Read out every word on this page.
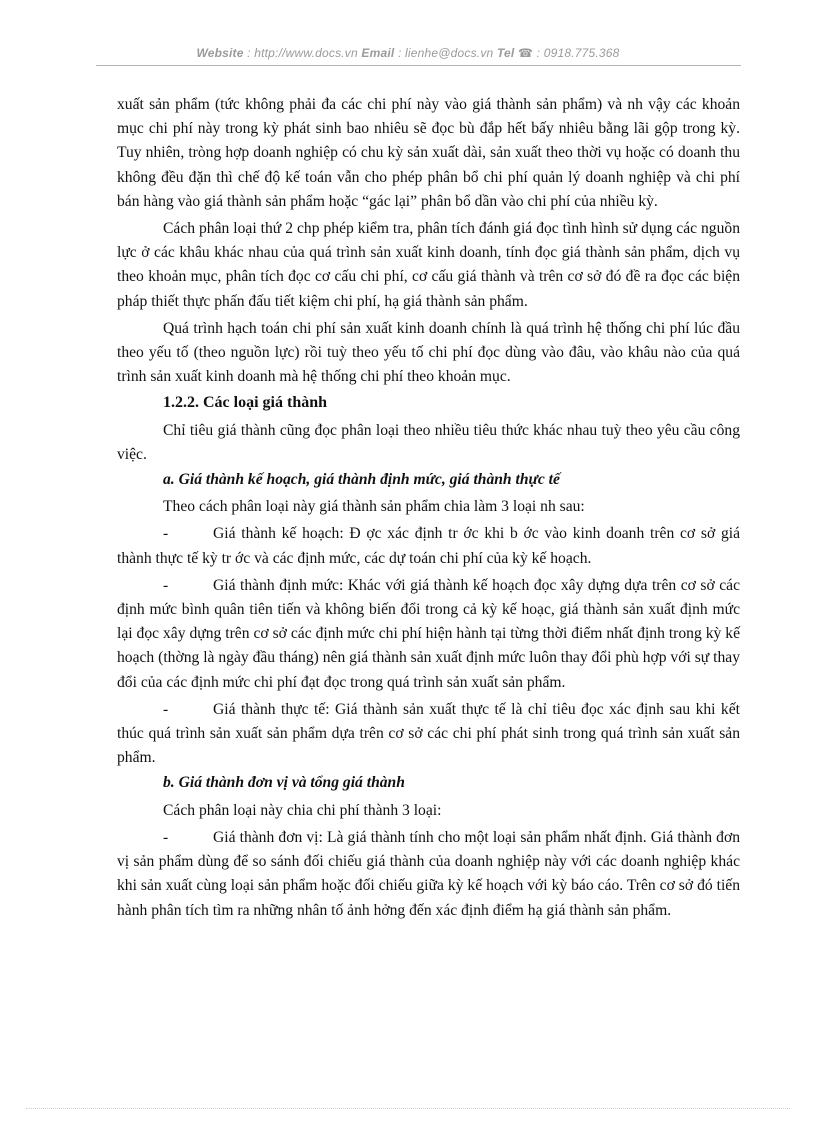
Website : http://www.docs.vn Email : lienhe@docs.vn Tel ☎ : 0918.775.368

xuất sản phẩm (tức không phải đa các chi phí này vào giá thành sản phẩm) và nh vậy các khoản mục chi phí này trong kỳ phát sinh bao nhiêu sẽ đọc bù đắp hết bấy nhiêu bằng lãi gộp trong kỳ. Tuy nhiên, tròng hợp doanh nghiệp có chu kỳ sản xuất dài, sản xuất theo thời vụ hoặc có doanh thu không đều đặn thì chế độ kế toán vẫn cho phép phân bổ chi phí quản lý doanh nghiệp và chi phí bán hàng vào giá thành sản phẩm hoặc “gác lại” phân bổ dần vào chi phí của nhiều kỳ.

Cách phân loại thứ 2 chp phép kiểm tra, phân tích đánh giá đọc tình hình sử dụng các nguồn lực ở các khâu khác nhau của quá trình sản xuất kinh doanh, tính đọc giá thành sản phẩm, dịch vụ theo khoản mục, phân tích đọc cơ cấu chi phí, cơ cấu giá thành và trên cơ sở đó đề ra đọc các biện pháp thiết thực phấn đấu tiết kiệm chi phí, hạ giá thành sản phẩm.

Quá trình hạch toán chi phí sản xuất kinh doanh chính là quá trình hệ thống chi phí lúc đầu theo yếu tố (theo nguồn lực) rồi tuỳ theo yếu tố chi phí đọc dùng vào đâu, vào khâu nào của quá trình sản xuất kinh doanh mà hệ thống chi phí theo khoản mục.

1.2.2. Các loại giá thành

Chỉ tiêu giá thành cũng đọc phân loại theo nhiều tiêu thức khác nhau tuỳ theo yêu cầu công việc.

a. Giá thành kế hoạch, giá thành định mức, giá thành thực tế

Theo cách phân loại này giá thành sản phẩm chia làm 3 loại nh sau:

-	Giá thành kế hoạch: Đ ợc xác định tr ớc khi b ớc vào kinh doanh trên cơ sở giá thành thực tế kỳ tr ớc và các định mức, các dự toán chi phí của kỳ kế hoạch.

-	Giá thành định mức: Khác với giá thành kế hoạch đọc xây dựng dựa trên cơ sở các định mức bình quân tiên tiến và không biến đổi trong cả kỳ kế hoạc, giá thành sản xuất định mức lại đọc xây dựng trên cơ sở các định mức chi phí hiện hành tại từng thời điểm nhất định trong kỳ kế hoạch (thờng là ngày đầu tháng) nên giá thành sản xuất định mức luôn thay đổi phù hợp với sự thay đổi của các định mức chi phí đạt đọc trong quá trình sản xuất sản phẩm.

-	Giá thành thực tế: Giá thành sản xuất thực tế là chỉ tiêu đọc xác định sau khi kết thúc quá trình sản xuất sản phẩm dựa trên cơ sở các chi phí phát sinh trong quá trình sản xuất sản phẩm.

b. Giá thành đơn vị và tổng giá thành

Cách phân loại này chia chi phí thành 3 loại:

-	Giá thành đơn vị: Là giá thành tính cho một loại sản phẩm nhất định. Giá thành đơn vị sản phẩm dùng để so sánh đối chiếu giá thành của doanh nghiệp này với các doanh nghiệp khác khi sản xuất cùng loại sản phẩm hoặc đối chiếu giữa kỳ kế hoạch với kỳ báo cáo. Trên cơ sở đó tiến hành phân tích tìm ra những nhân tố ảnh hởng đến xác định điểm hạ giá thành sản phẩm.
